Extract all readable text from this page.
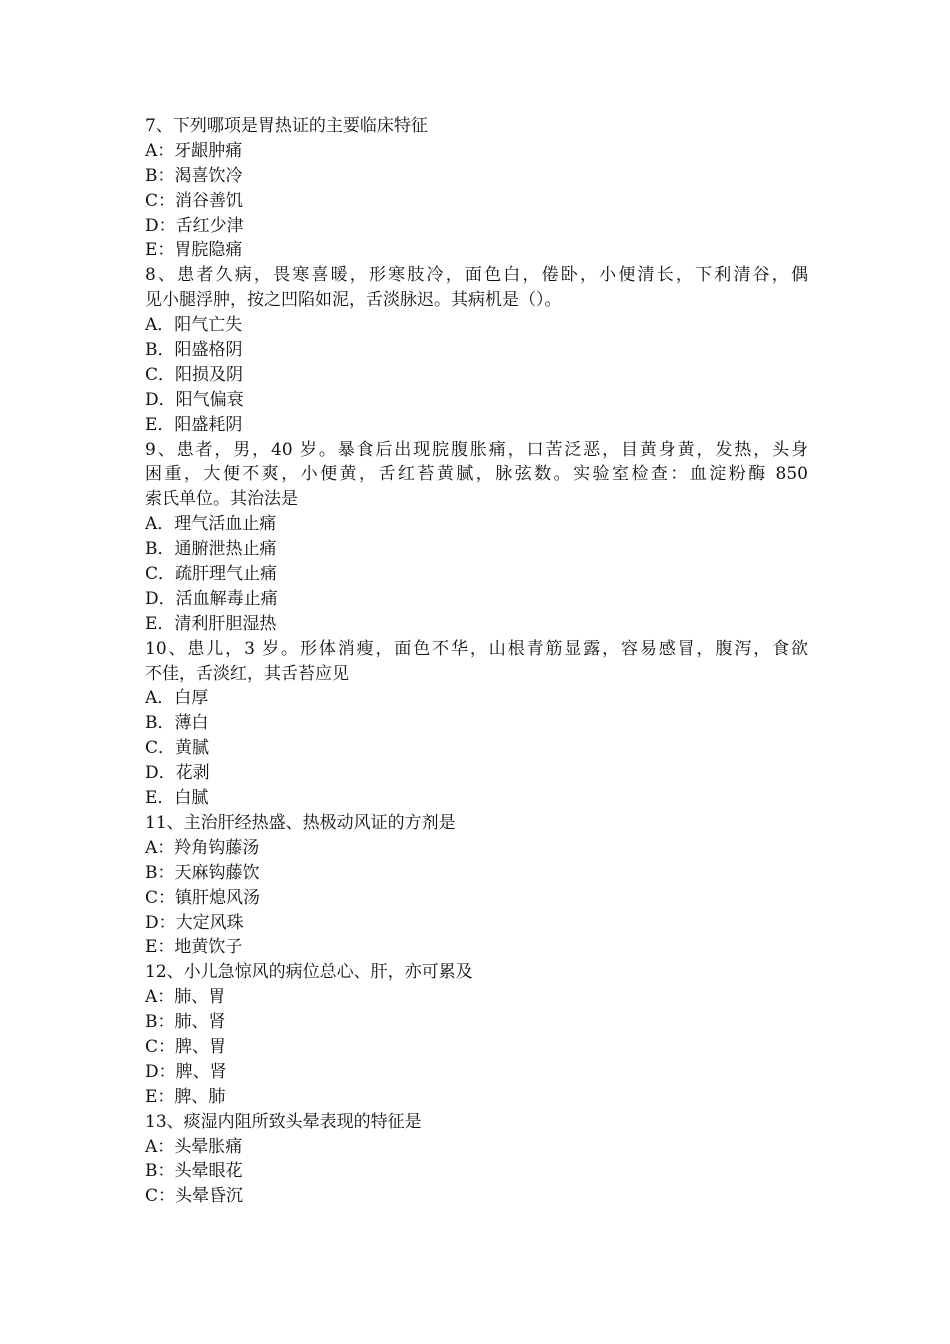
7、下列哪项是胃热证的主要临床特征
A：牙龈肿痛
B：渴喜饮冷
C：消谷善饥
D：舌红少津
E：胃脘隐痛
8、患者久病，畏寒喜暖，形寒肢冷，面色白，倦卧，小便清长，下利清谷，偶
见小腿浮肿，按之凹陷如泥，舌淡脉迟。其病机是（）。
A．阳气亡失
B．阳盛格阴
C．阳损及阴
D．阳气偏衰
E．阳盛耗阴
9、患者，男，40 岁。暴食后出现脘腹胀痛，口苦泛恶，目黄身黄，发热，头身
困重，大便不爽，小便黄，舌红苔黄腻，脉弦数。实验室检查：血淀粉酶 850
索氏单位。其治法是
A．理气活血止痛
B．通腑泄热止痛
C．疏肝理气止痛
D．活血解毒止痛
E．清利肝胆湿热
10、患儿，3 岁。形体消瘦，面色不华，山根青筋显露，容易感冒，腹泻，食欲
不佳，舌淡红，其舌苔应见
A．白厚
B．薄白
C．黄腻
D．花剥
E．白腻
11、主治肝经热盛、热极动风证的方剂是
A：羚角钩藤汤
B：天麻钩藤饮
C：镇肝熄风汤
D：大定风珠
E：地黄饮子
12、小儿急惊风的病位总心、肝，亦可累及
A：肺、胃
B：肺、肾
C：脾、胃
D：脾、肾
E：脾、肺
13、痰湿内阻所致头晕表现的特征是
A：头晕胀痛
B：头晕眼花
C：头晕昏沉
